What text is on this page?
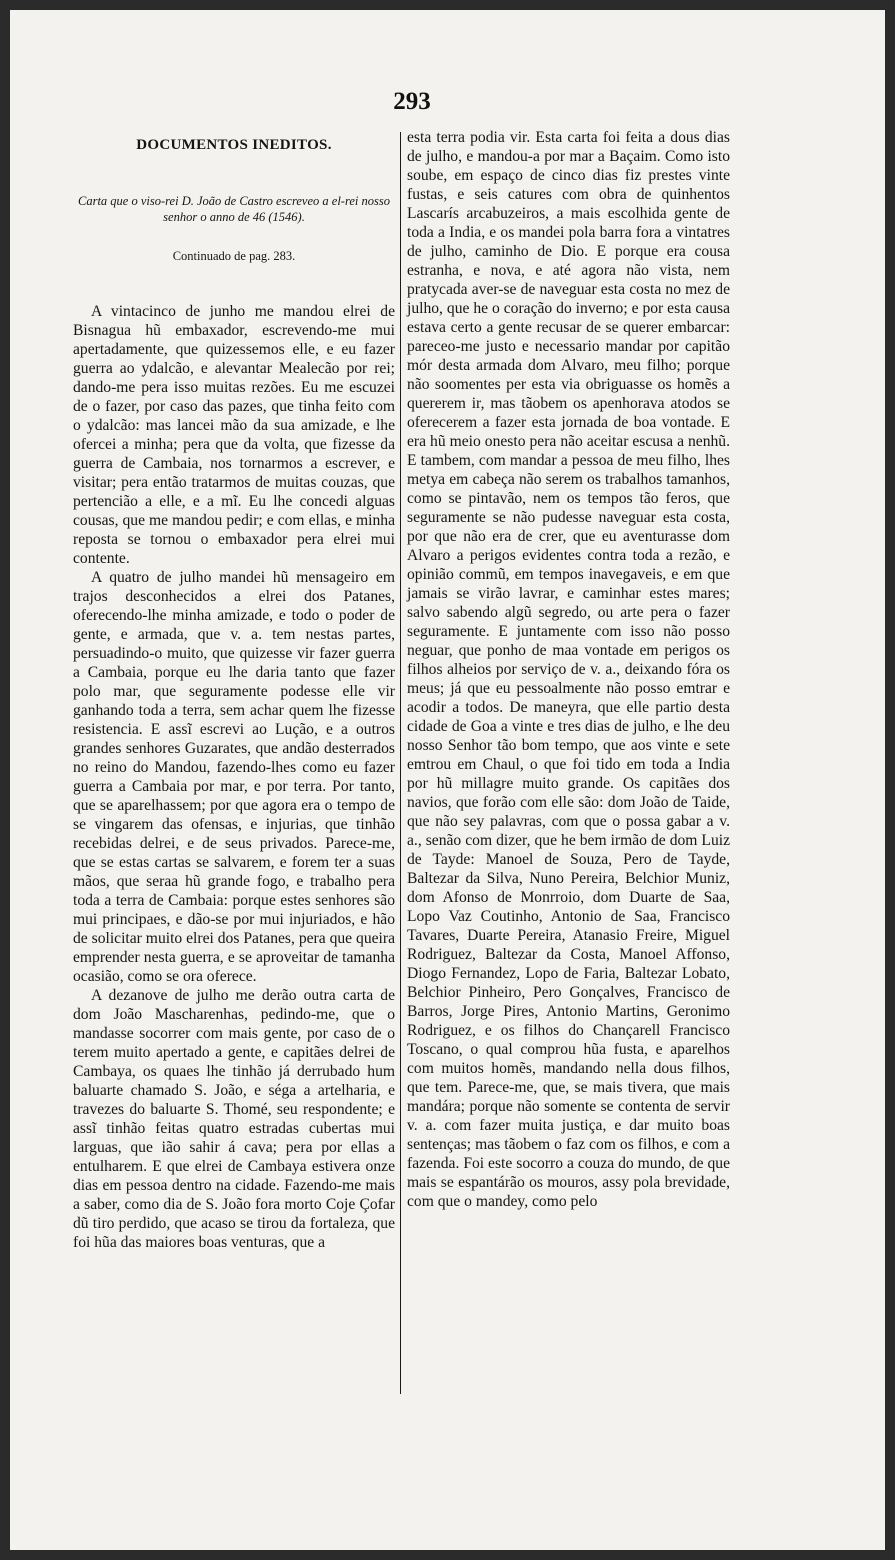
293
DOCUMENTOS INEDITOS.
Carta que o viso-rei D. João de Castro escreveo a el-rei nosso senhor o anno de 46 (1546).
Continuado de pag. 283.

A vintacinco de junho me mandou elrei de Bisnagua hũ embaxador, escrevendo-me mui apertadamente, que quizessemos elle, e eu fazer guerra ao ydalcão, e alevantar Mealecão por rei; dando-me pera isso muitas rezões. Eu me escuzei de o fazer, por caso das pazes, que tinha feito com o ydalcão: mas lancei mão da sua amizade, e lhe ofercei a minha; pera que da volta, que fizesse da guerra de Cambaia, nos tornarmos a escrever, e visitar; pera então tratarmos de muitas couzas, que pertencião a elle, e a mĩ. Eu lhe concedi alguas cousas, que me mandou pedir; e com ellas, e minha reposta se tornou o embaxador pera elrei mui contente.

A quatro de julho mandei hũ mensageiro em trajos desconhecidos a elrei dos Patanes, oferecendo-lhe minha amizade, e todo o poder de gente, e armada, que v. a. tem nestas partes, persuadindo-o muito, que quizesse vir fazer guerra a Cambaia, porque eu lhe daria tanto que fazer polo mar, que seguramente podesse elle vir ganhando toda a terra, sem achar quem lhe fizesse resistencia. E assĩ escrevi ao Lução, e a outros grandes senhores Guzarates, que andão desterrados no reino do Mandou, fazendo-lhes como eu fazer guerra a Cambaia por mar, e por terra. Por tanto, que se aparelhassem; por que agora era o tempo de se vingarem das ofensas, e injurias, que tinhão recebidas delrei, e de seus privados. Parece-me, que se estas cartas se salvarem, e forem ter a suas mãos, que seraa hũ grande fogo, e trabalho pera toda a terra de Cambaia: porque estes senhores são mui principaes, e dão-se por mui injuriados, e hão de solicitar muito elrei dos Patanes, pera que queira emprender nesta guerra, e se aproveitar de tamanha ocasião, como se ora oferece.

A dezanove de julho me derão outra carta de dom João Mascharenhas, pedindo-me, que o mandasse socorrer com mais gente, por caso de o terem muito apertado a gente, e capitães delrei de Cambaya, os quaes lhe tinhão já derrubado hum baluarte chamado S. João, e séga a artelharia, e travezes do baluarte S. Thomé, seu respondente; e assĩ tinhão feitas quatro estradas cubertas mui larguas, que ião sahir á cava; pera por ellas a entulharem. E que elrei de Cambaya estivera onze dias em pessoa dentro na cidade. Fazendo-me mais a saber, como dia de S. João fora morto Coje Çofar dũ tiro perdido, que acaso se tirou da fortaleza, que foi hũa das maiores boas venturas, que a

esta terra podia vir. Esta carta foi feita a dous dias de julho, e mandou-a por mar a Baçaim. Como isto soube, em espaço de cinco dias fiz prestes vinte fustas, e seis catures com obra de quinhentos Lascarís arcabuzeiros, a mais escolhida gente de toda a India, e os mandei pola barra fora a vintatres de julho, caminho de Dio. E porque era cousa estranha, e nova, e até agora não vista, nem pratycada aver-se de naveguar esta costa no mez de julho, que he o coração do inverno; e por esta causa estava certo a gente recusar de se querer embarcar: pareceo-me justo e necessario mandar por capitão mór desta armada dom Alvaro, meu filho; porque não soomentes per esta via obriguasse os homẽs a quererem ir, mas tãobem os apenhorava atodos se oferecerem a fazer esta jornada de boa vontade. E era hũ meio onesto pera não aceitar escusa a nenhũ. E tambem, com mandar a pessoa de meu filho, lhes metya em cabeça não serem os trabalhos tamanhos, como se pintavão, nem os tempos tão feros, que seguramente se não pudesse naveguar esta costa, por que não era de crer, que eu aventurasse dom Alvaro a perigos evidentes contra toda a rezão, e opinião commũ, em tempos inavegaveis, e em que jamais se virão lavrar, e caminhar estes mares; salvo sabendo algũ segredo, ou arte pera o fazer seguramente. E juntamente com isso não posso neguar, que ponho de maa vontade em perigos os filhos alheios por serviço de v. a., deixando fóra os meus; já que eu pessoalmente não posso emtrar e acodir a todos. De maneyra, que elle partio desta cidade de Goa a vinte e tres dias de julho, e lhe deu nosso Senhor tão bom tempo, que aos vinte e sete emtrou em Chaul, o que foi tido em toda a India por hũ millagre muito grande. Os capitães dos navios, que forão com elle são: dom João de Taide, que não sey palavras, com que o possa gabar a v. a., senão com dizer, que he bem irmão de dom Luiz de Tayde: Manoel de Souza, Pero de Tayde, Baltezar da Silva, Nuno Pereira, Belchior Muniz, dom Afonso de Monrroio, dom Duarte de Saa, Lopo Vaz Coutinho, Antonio de Saa, Francisco Tavares, Duarte Pereira, Atanasio Freire, Miguel Rodriguez, Baltezar da Costa, Manoel Affonso, Diogo Fernandez, Lopo de Faria, Baltezar Lobato, Belchior Pinheiro, Pero Gonçalves, Francisco de Barros, Jorge Pires, Antonio Martins, Geronimo Rodriguez, e os filhos do Chançarell Francisco Toscano, o qual comprou hũa fusta, e aparelhos com muitos homẽs, mandando nella dous filhos, que tem. Parece-me, que, se mais tivera, que mais mandára; porque não somente se contenta de servir v. a. com fazer muita justiça, e dar muito boas sentenças; mas tãobem o faz com os filhos, e com a fazenda. Foi este socorro a couza do mundo, de que mais se espantárão os mouros, assy pola brevidade, com que o mandey, como pelo
